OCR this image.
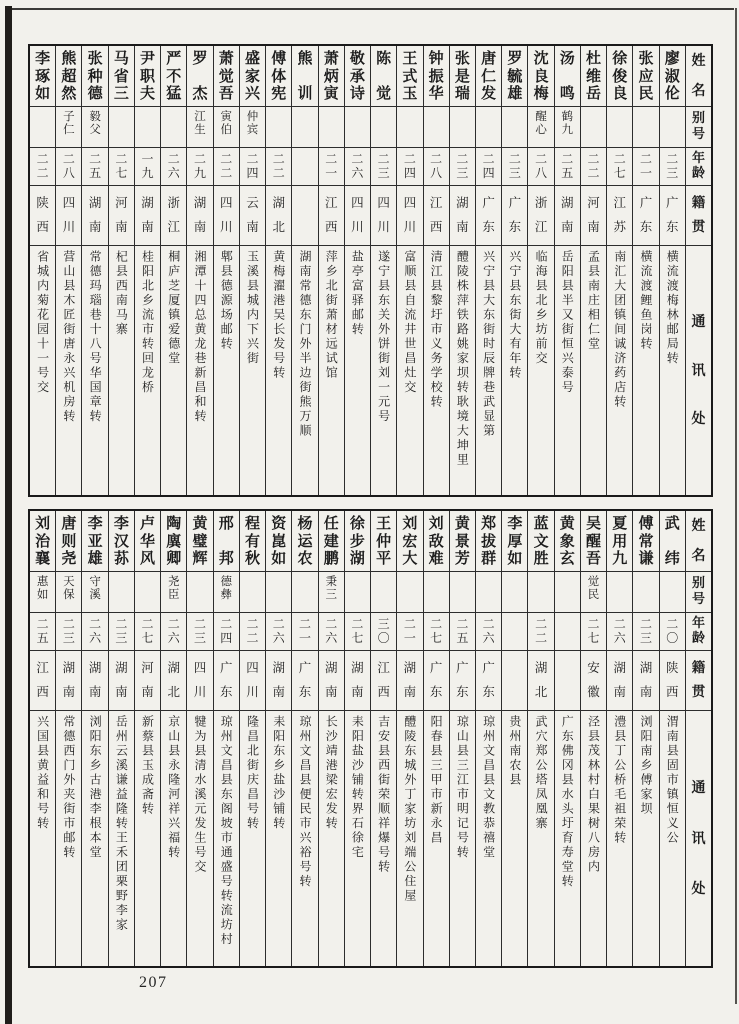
李
琢
如
二
二
陕
西
省城内菊花园十一号交
熊
超
然
子
仁
二
八
四
川
营山县木匠街唐永兴机房转
张
种
德
毅
父
二
五
湖
南
常德玛瑙巷十八号华国章转
马
省
三
二
七
河
南
杞县西南马寨
尹
职
夫
一
九
湖
南
桂阳北乡流市转回龙桥
严
不
猛
二
六
浙
江
桐庐芝厦镇爱德堂
罗
杰
江
生
二
九
湖
南
湘潭十四总黄龙巷新昌和转
萧
觉
吾
寅
伯
二
二
四
川
郫县德源场邮转
盛
家
兴
仲
宾
二
四
云
南
玉溪县城内下兴街
傅
体
宪
二
二
湖
北
黄梅濯港吴长发号转
熊
训
湖南常德东门外半边街熊万顺
萧
炳
寅
二
一
江
西
萍乡北街萧材远试馆
敬
承
诗
二
六
四
川
盐亭富驿邮转
陈
觉
二
三
四
川
遂宁县东关外饼街刘一元号
王
式
玉
二
四
四
川
富顺县自流井世昌灶交
钟
振
华
二
八
江
西
清江县黎圩市义务学校转
张
是
瑞
二
三
湖
南
醴陵株萍铁路姚家坝转耿境大坤里
唐
仁
发
二
四
广
东
兴宁县大东街时辰牌巷武显第
罗
毓
雄
二
三
广
东
兴宁县东街大有年转
沈
良
梅
醒
心
二
八
浙
江
临海县北乡坊前交
汤
鸣
鹤
九
二
五
湖
南
岳阳县半又街恒兴泰号
杜
维
岳
二
二
河
南
孟县南庄相仁堂
徐
俊
良
二
七
江
苏
南汇大团镇间诚济药店转
张
应
民
二
一
广
东
横流渡鲤鱼岗转
廖
淑
伦
二
三
广
东
横流渡梅林邮局转
姓
名
别
号
年
龄
籍
贯
通
讯
处
刘
治
襄
惠
如
二
五
江
西
兴国县黄益和号转
唐
则
尧
天
保
二
三
湖
南
常德西门外夹街市邮转
李
亚
雄
守
溪
二
六
湖
南
浏阳东乡古港李根本堂
李
汉
荪
二
三
湖
南
岳州云溪谦益隆转王禾团栗野李家
卢
华
风
二
七
河
南
新蔡县玉成斋转
陶
廙
卿
尧
臣
二
六
湖
北
京山县永隆河祥兴福转
黄
璧
辉
二
三
四
川
犍为县清水溪元发生号交
邢
邦
德
彝
二
四
广
东
琼州文昌县东阁坡市通盛号转流坊村
程
有
秋
二
二
四
川
隆昌北街庆昌号转
资
崑
如
二
六
湖
南
耒阳东乡盐沙铺转
杨
运
农
二
一
广
东
琼州文昌县便民市兴裕号转
任
建
鹏
秉
三
二
六
湖
南
长沙靖港梁宏发转
徐
步
湖
二
七
湖
南
耒阳盐沙铺转界石徐宅
王
仲
平
三
〇
江
西
吉安县西街荣顺祥爆号转
刘
宏
大
二
一
湖
南
醴陵东城外丁家坊刘端公住屋
刘
敌
难
二
七
广
东
阳春县三甲市新永昌
黄
景
芳
二
五
广
东
琼山县三江市明记号转
郑
拔
群
二
六
广
东
琼州文昌县文教恭禧堂
李
厚
如
贵州南农县
蓝
文
胜
二
二
湖
北
武穴郑公塔凤凰寨
黄
象
玄
广东佛冈县水头圩育寿堂转
吴
醒
吾
觉
民
二
七
安
徽
泾县茂林村白果树八房内
夏
用
九
二
六
湖
南
澧县丁公桥毛祖荣转
傅
常
谦
二
三
湖
南
浏阳南乡傅家坝
武
纬
二
〇
陕
西
渭南县固市镇恒义公
姓
名
别
号
年
龄
籍
贯
通
讯
处
207
